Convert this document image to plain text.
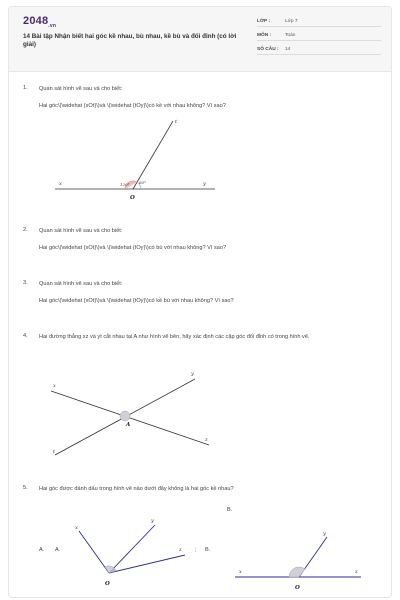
$2048_{.vn}$
14 Bài tập Nhận biết hai góc kề nhau, bù nhau, kề bù và đối đỉnh (có lời giải)
LỚP :	Lớp 7
MÔN :	Toán
SỐ CÂU :	14
1. Quan sát hình vẽ sau và cho biết:
Hai góc\(\widehat {xOt}\)và \(\widehat {tOy}\)có kề với nhau không? Vì sao?
x	y
t
O
120° 60°
2. Quan sát hình vẽ sau và cho biết:
Hai góc\(\widehat {xOt}\)và \(\widehat {tOy}\)có bù với nhau không? Vì sao?
3. Quan sát hình vẽ sau và cho biết:
Hai góc\(\widehat {xOt}\)và \(\widehat {tOy}\)có kề bù với nhau không? Vì sao?
4. Hai đường thẳng xz và yt cắt nhau tại A như hình vẽ bên, hãy xác định các cặp góc đối đỉnh có trong hình vẽ.
x
y
z
t
A
5. Hai góc được đánh dấu trong hình vẽ nào dưới đây không là hai góc kề nhau?
B.
A. A.
x
y
z
O
; B.
x
y
z
O
